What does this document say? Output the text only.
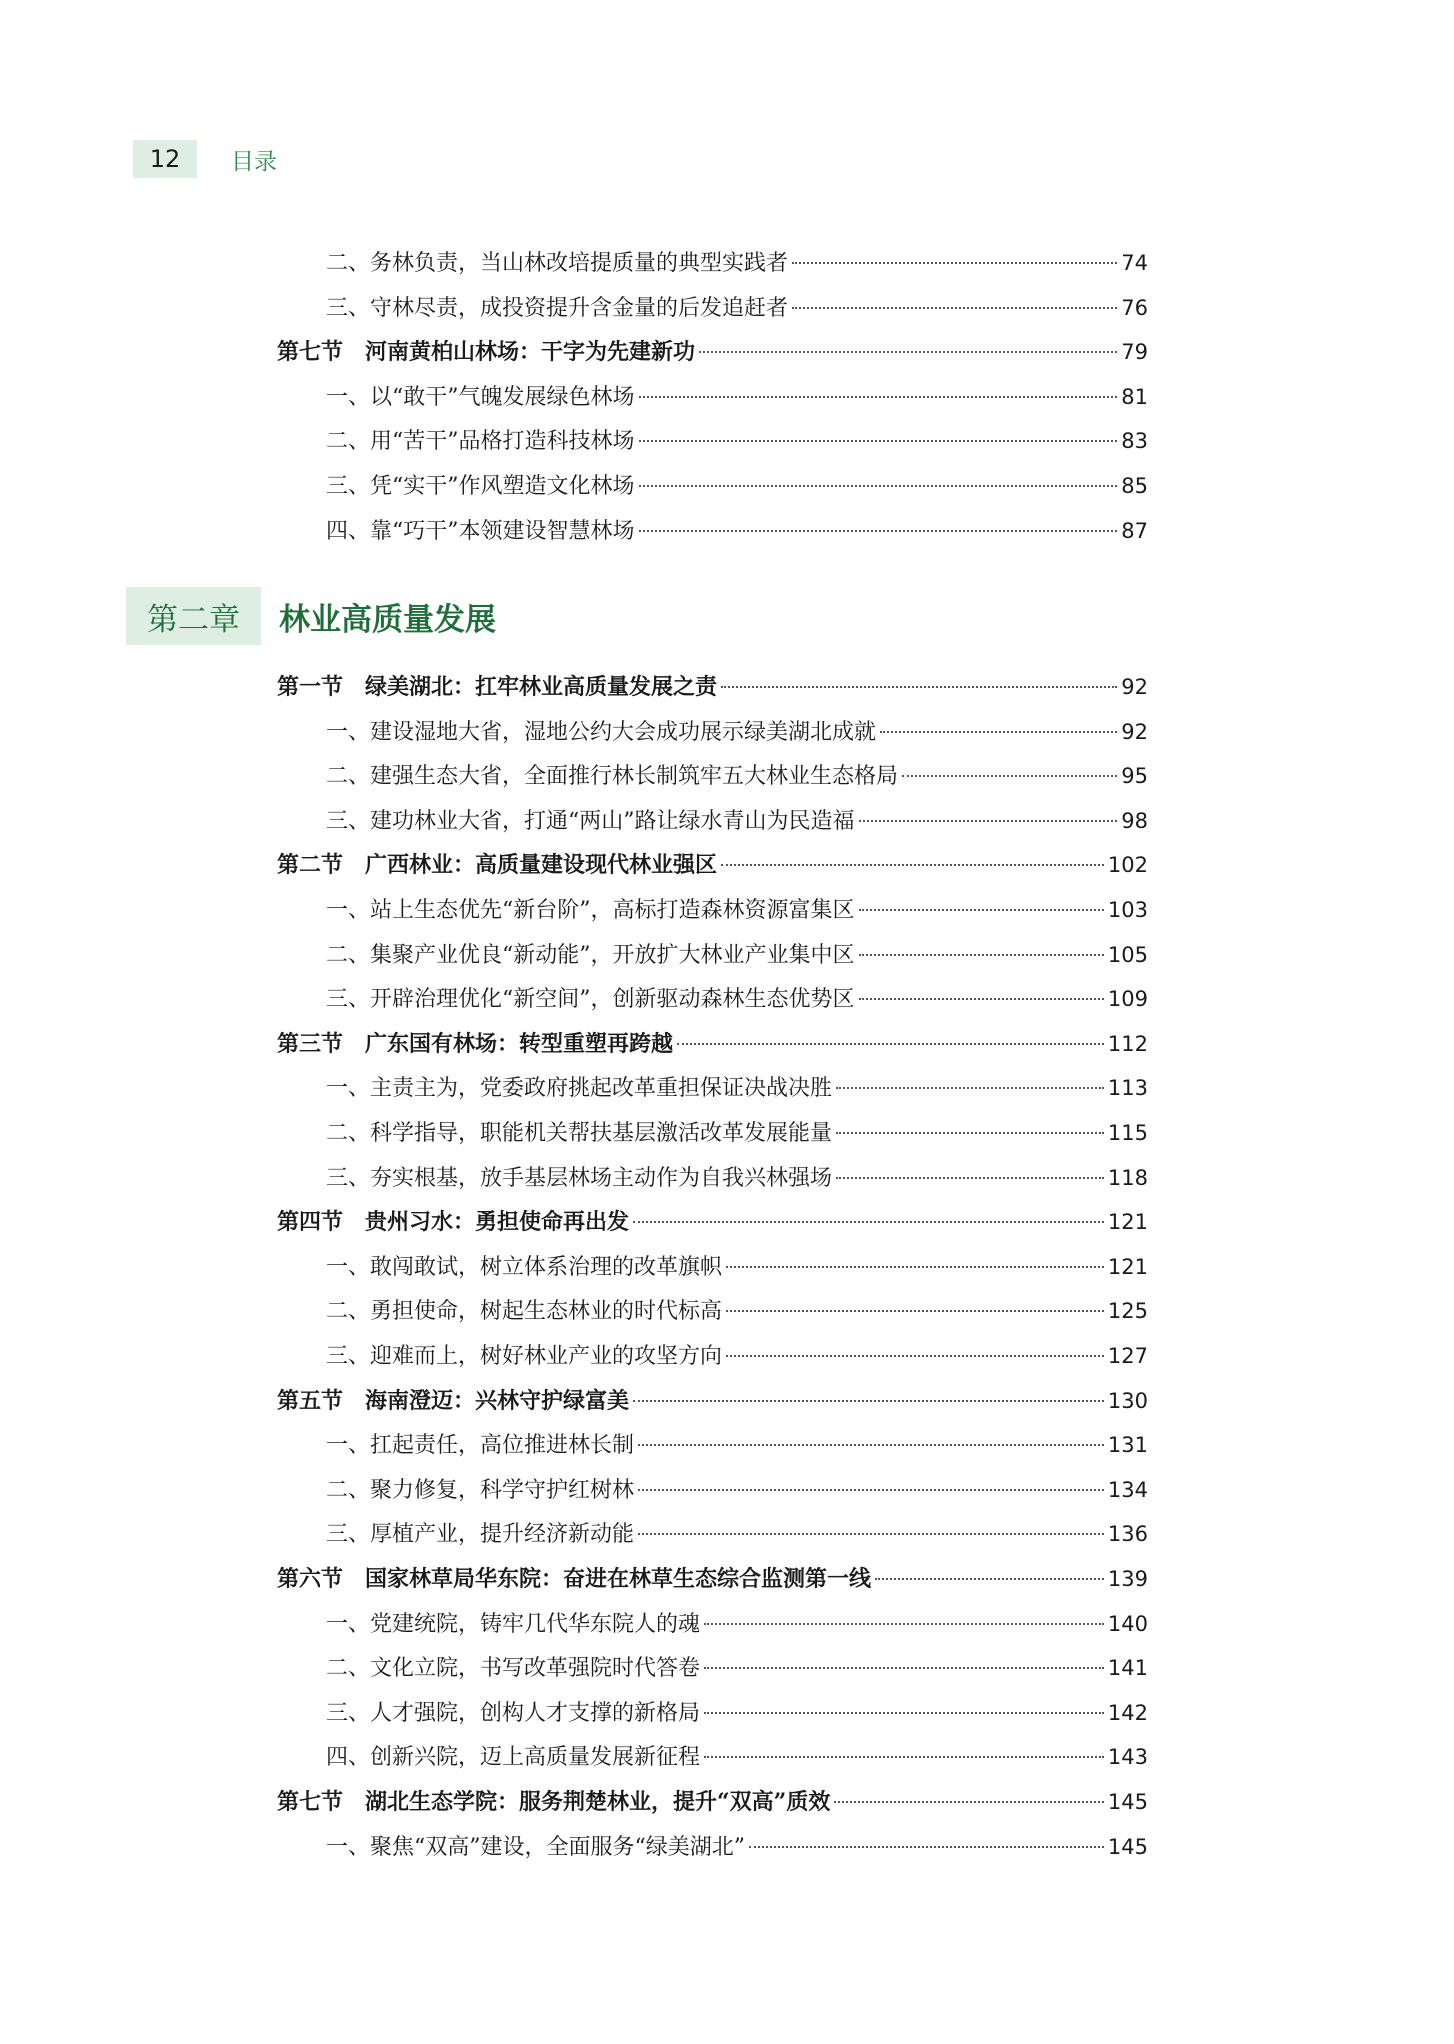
12	目录
第二章	林业高质量发展
二、务林负责，当山林改培提质量的典型实践者	74
三、守林尽责，成投资提升含金量的后发追赶者	76
第七节 河南黄柏山林场：干字为先建新功	79
一、以“敢干”气魄发展绿色林场	81
二、用“苦干”品格打造科技林场	83
三、凭“实干”作风塑造文化林场	85
四、靠“巧干”本领建设智慧林场	87
第一节 绿美湖北：扛牢林业高质量发展之责	92
一、建设湿地大省，湿地公约大会成功展示绿美湖北成就	92
二、建强生态大省，全面推行林长制筑牢五大林业生态格局	95
三、建功林业大省，打通“两山”路让绿水青山为民造福	98
第二节 广西林业：高质量建设现代林业强区	102
一、站上生态优先“新台阶”，高标打造森林资源富集区	103
二、集聚产业优良“新动能”，开放扩大林业产业集中区	105
三、开辟治理优化“新空间”，创新驱动森林生态优势区	109
第三节 广东国有林场：转型重塑再跨越	112
一、主责主为，党委政府挑起改革重担保证决战决胜	113
二、科学指导，职能机关帮扶基层激活改革发展能量	115
三、夯实根基，放手基层林场主动作为自我兴林强场	118
第四节 贵州习水：勇担使命再出发	121
一、敢闯敢试，树立体系治理的改革旗帜	121
二、勇担使命，树起生态林业的时代标高	125
三、迎难而上，树好林业产业的攻坚方向	127
第五节 海南澄迈：兴林守护绿富美	130
一、扛起责任，高位推进林长制	131
二、聚力修复，科学守护红树林	134
三、厚植产业，提升经济新动能	136
第六节 国家林草局华东院：奋进在林草生态综合监测第一线	139
一、党建统院，铸牢几代华东院人的魂	140
二、文化立院，书写改革强院时代答卷	141
三、人才强院，创构人才支撑的新格局	142
四、创新兴院，迈上高质量发展新征程	143
第七节 湖北生态学院：服务荆楚林业，提升“双高”质效	145
一、聚焦“双高”建设，全面服务“绿美湖北”	145
